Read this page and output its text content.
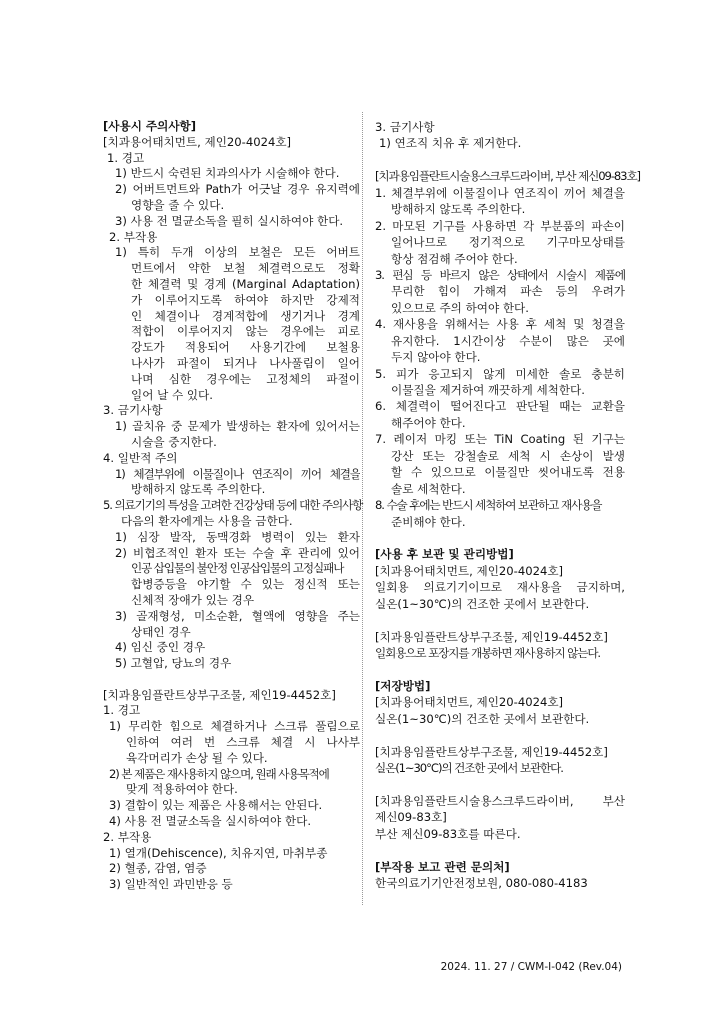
[사용시 주의사항]
[치과용어태치먼트, 제인20-4024호]
1. 경고
1) 반드시 숙련된 치과의사가 시술해야 한다.
2) 어버트먼트와 Path가 어긋날 경우 유지력에
영향을 줄 수 있다.
3) 사용 전 멸균소독을 필히 실시하여야 한다.
2. 부작용
1) 특히 두개 이상의 보철은 모든 어버트
먼트에서 약한 보철 체결력으로도 정확
한 체결력 및 경계 (Marginal Adaptation)
가 이루어지도록 하여야 하지만 강제적
인 체결이나 경계적합에 생기거나 경계
적합이 이루어지지 않는 경우에는 피로
강도가 적용되어 사용기간에 보철용
나사가 파절이 되거나 나사풀림이 일어
나며 심한 경우에는 고정체의 파절이
일어 날 수 있다.
3. 금기사항
1) 골치유 중 문제가 발생하는 환자에 있어서는
시술을 중지한다.
4. 일반적 주의
1) 체결부위에 이물질이나 연조직이 끼어 체결을
방해하지 않도록 주의한다.
5. 의료기기의 특성을 고려한 건강상태 등에 대한 주의사항
다음의 환자에게는 사용을 금한다.
1) 심장 발작, 동맥경화 병력이 있는 환자
2) 비협조적인 환자 또는 수술 후 관리에 있어
인공 삽입물의 불안정 인공삽입물의 고정실패나
합병증등을 야기할 수 있는 정신적 또는
신체적 장애가 있는 경우
3) 골재형성, 미소순환, 혈액에 영향을 주는
상태인 경우
4) 임신 중인 경우
5) 고혈압, 당뇨의 경우
[치과용임플란트상부구조물, 제인19-4452호]
1. 경고
1) 무리한 힘으로 체결하거나 스크류 풀림으로
인하여 여러 번 스크류 체결 시 나사부
육각머리가 손상 될 수 있다.
2) 본 제품은 재사용하지 않으며, 원래 사용목적에
맞게 적용하여야 한다.
3) 결함이 있는 제품은 사용해서는 안된다.
4) 사용 전 멸균소독을 실시하여야 한다.
2. 부작용
1) 열개(Dehiscence), 치유지연, 마취부종
2) 혈종, 감염, 염증
3) 일반적인 과민반응 등
3. 금기사항
1) 연조직 치유 후 제거한다.
[치과용임플란트시술용스크루드라이버, 부산 제신09-83호]
1. 체결부위에 이물질이나 연조직이 끼어 체결을
방해하지 않도록 주의한다.
2. 마모된 기구를 사용하면 각 부분품의 파손이
일어나므로 정기적으로 기구마모상태를
항상 점검해 주어야 한다.
3. 편심 등 바르지 않은 상태에서 시술시 제품에
무리한 힘이 가해져 파손 등의 우려가
있으므로 주의 하여야 한다.
4. 재사용을 위해서는 사용 후 세척 및 청결을
유지한다. 1시간이상 수분이 많은 곳에
두지 않아야 한다.
5. 피가 응고되지 않게 미세한 솔로 충분히
이물질을 제거하여 깨끗하게 세척한다.
6. 체결력이 떨어진다고 판단될 때는 교환을
해주어야 한다.
7. 레이저 마킹 또는 TiN Coating 된 기구는
강산 또는 강철솔로 세척 시 손상이 발생
할 수 있으므로 이물질만 씻어내도록 전용
솔로 세척한다.
8. 수술 후에는 반드시 세척하여 보관하고 재사용을
준비해야 한다.
[사용 후 보관 및 관리방법]
[치과용어태치먼트, 제인20-4024호]
일회용 의료기기이므로 재사용을 금지하며,
실온(1~30℃)의 건조한 곳에서 보관한다.
[치과용임플란트상부구조물, 제인19-4452호]
일회용으로 포장지를 개봉하면 재사용하지 않는다.
[저장방법]
[치과용어태치먼트, 제인20-4024호]
실온(1~30℃)의 건조한 곳에서 보관한다.
[치과용임플란트상부구조물, 제인19-4452호]
실온(1~30℃)의 건조한 곳에서 보관한다.
[치과용임플란트시술용스크루드라이버, 부산
제신09-83호]
부산 제신09-83호를 따른다.
[부작용 보고 관련 문의처]
한국의료기기안전정보원, 080-080-4183
2024. 11. 27 / CWM-I-042 (Rev.04)
